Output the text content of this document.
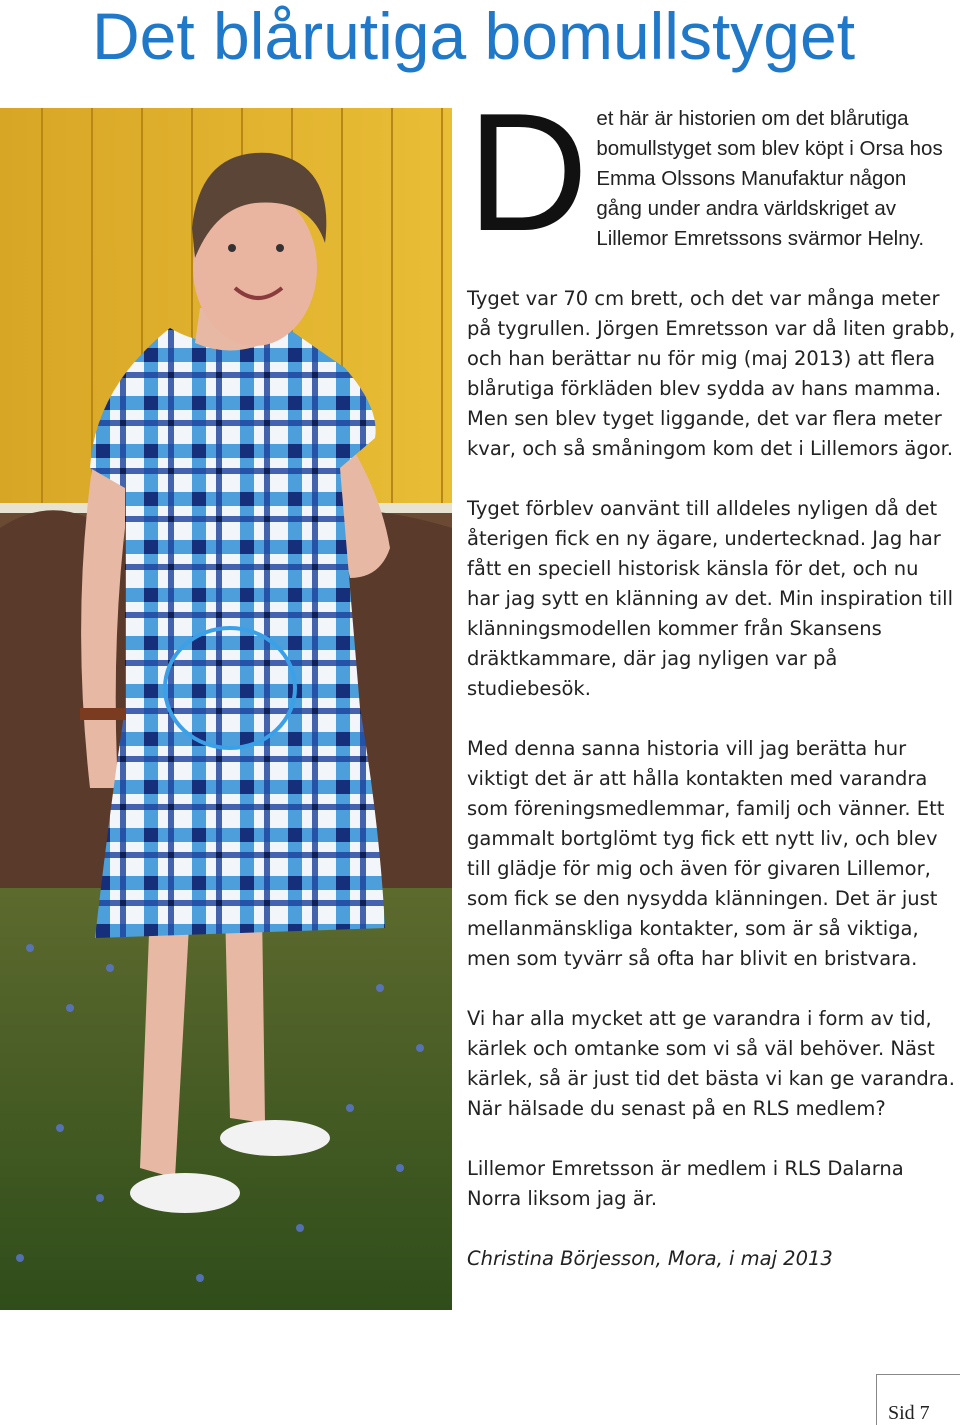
Det blårutiga bomullstyget

D et här är historien om det blårutiga bomullstyget som blev köpt i Orsa hos Emma Olssons Manufaktur någon gång under andra världskriget av Lillemor Emretssons svärmor Helny.

Tyget var 70 cm brett, och det var många meter på tygrullen. Jörgen Emretsson var då liten grabb, och han berättar nu för mig (maj 2013) att flera blårutiga förkläden blev sydda av hans mamma. Men sen blev tyget liggande, det var flera meter kvar, och så småningom kom det i Lillemors ägor.

Tyget förblev oanvänt till alldeles nyligen då det återigen fick en ny ägare, undertecknad. Jag har fått en speciell historisk känsla för det, och nu har jag sytt en klänning av det. Min inspiration till klänningsmodellen kommer från Skansens dräktkammare, där jag nyligen var på studiebesök.

Med denna sanna historia vill jag berätta hur viktigt det är att hålla kontakten med varandra som föreningsmedlemmar, familj och vänner. Ett gammalt bortglömt tyg fick ett nytt liv, och blev till glädje för mig och även för givaren Lillemor, som fick se den nysydda klänningen. Det är just mellanmänskliga kontakter, som är så viktiga, men som tyvärr så ofta har blivit en bristvara.

Vi har alla mycket att ge varandra i form av tid, kärlek och omtanke som vi så väl behöver. Näst kärlek, så är just tid det bästa vi kan ge varandra. När hälsade du senast på en RLS medlem?

Lillemor Emretsson är medlem i RLS Dalarna Norra liksom jag är.

Christina Börjesson, Mora, i maj 2013

Sid 7
